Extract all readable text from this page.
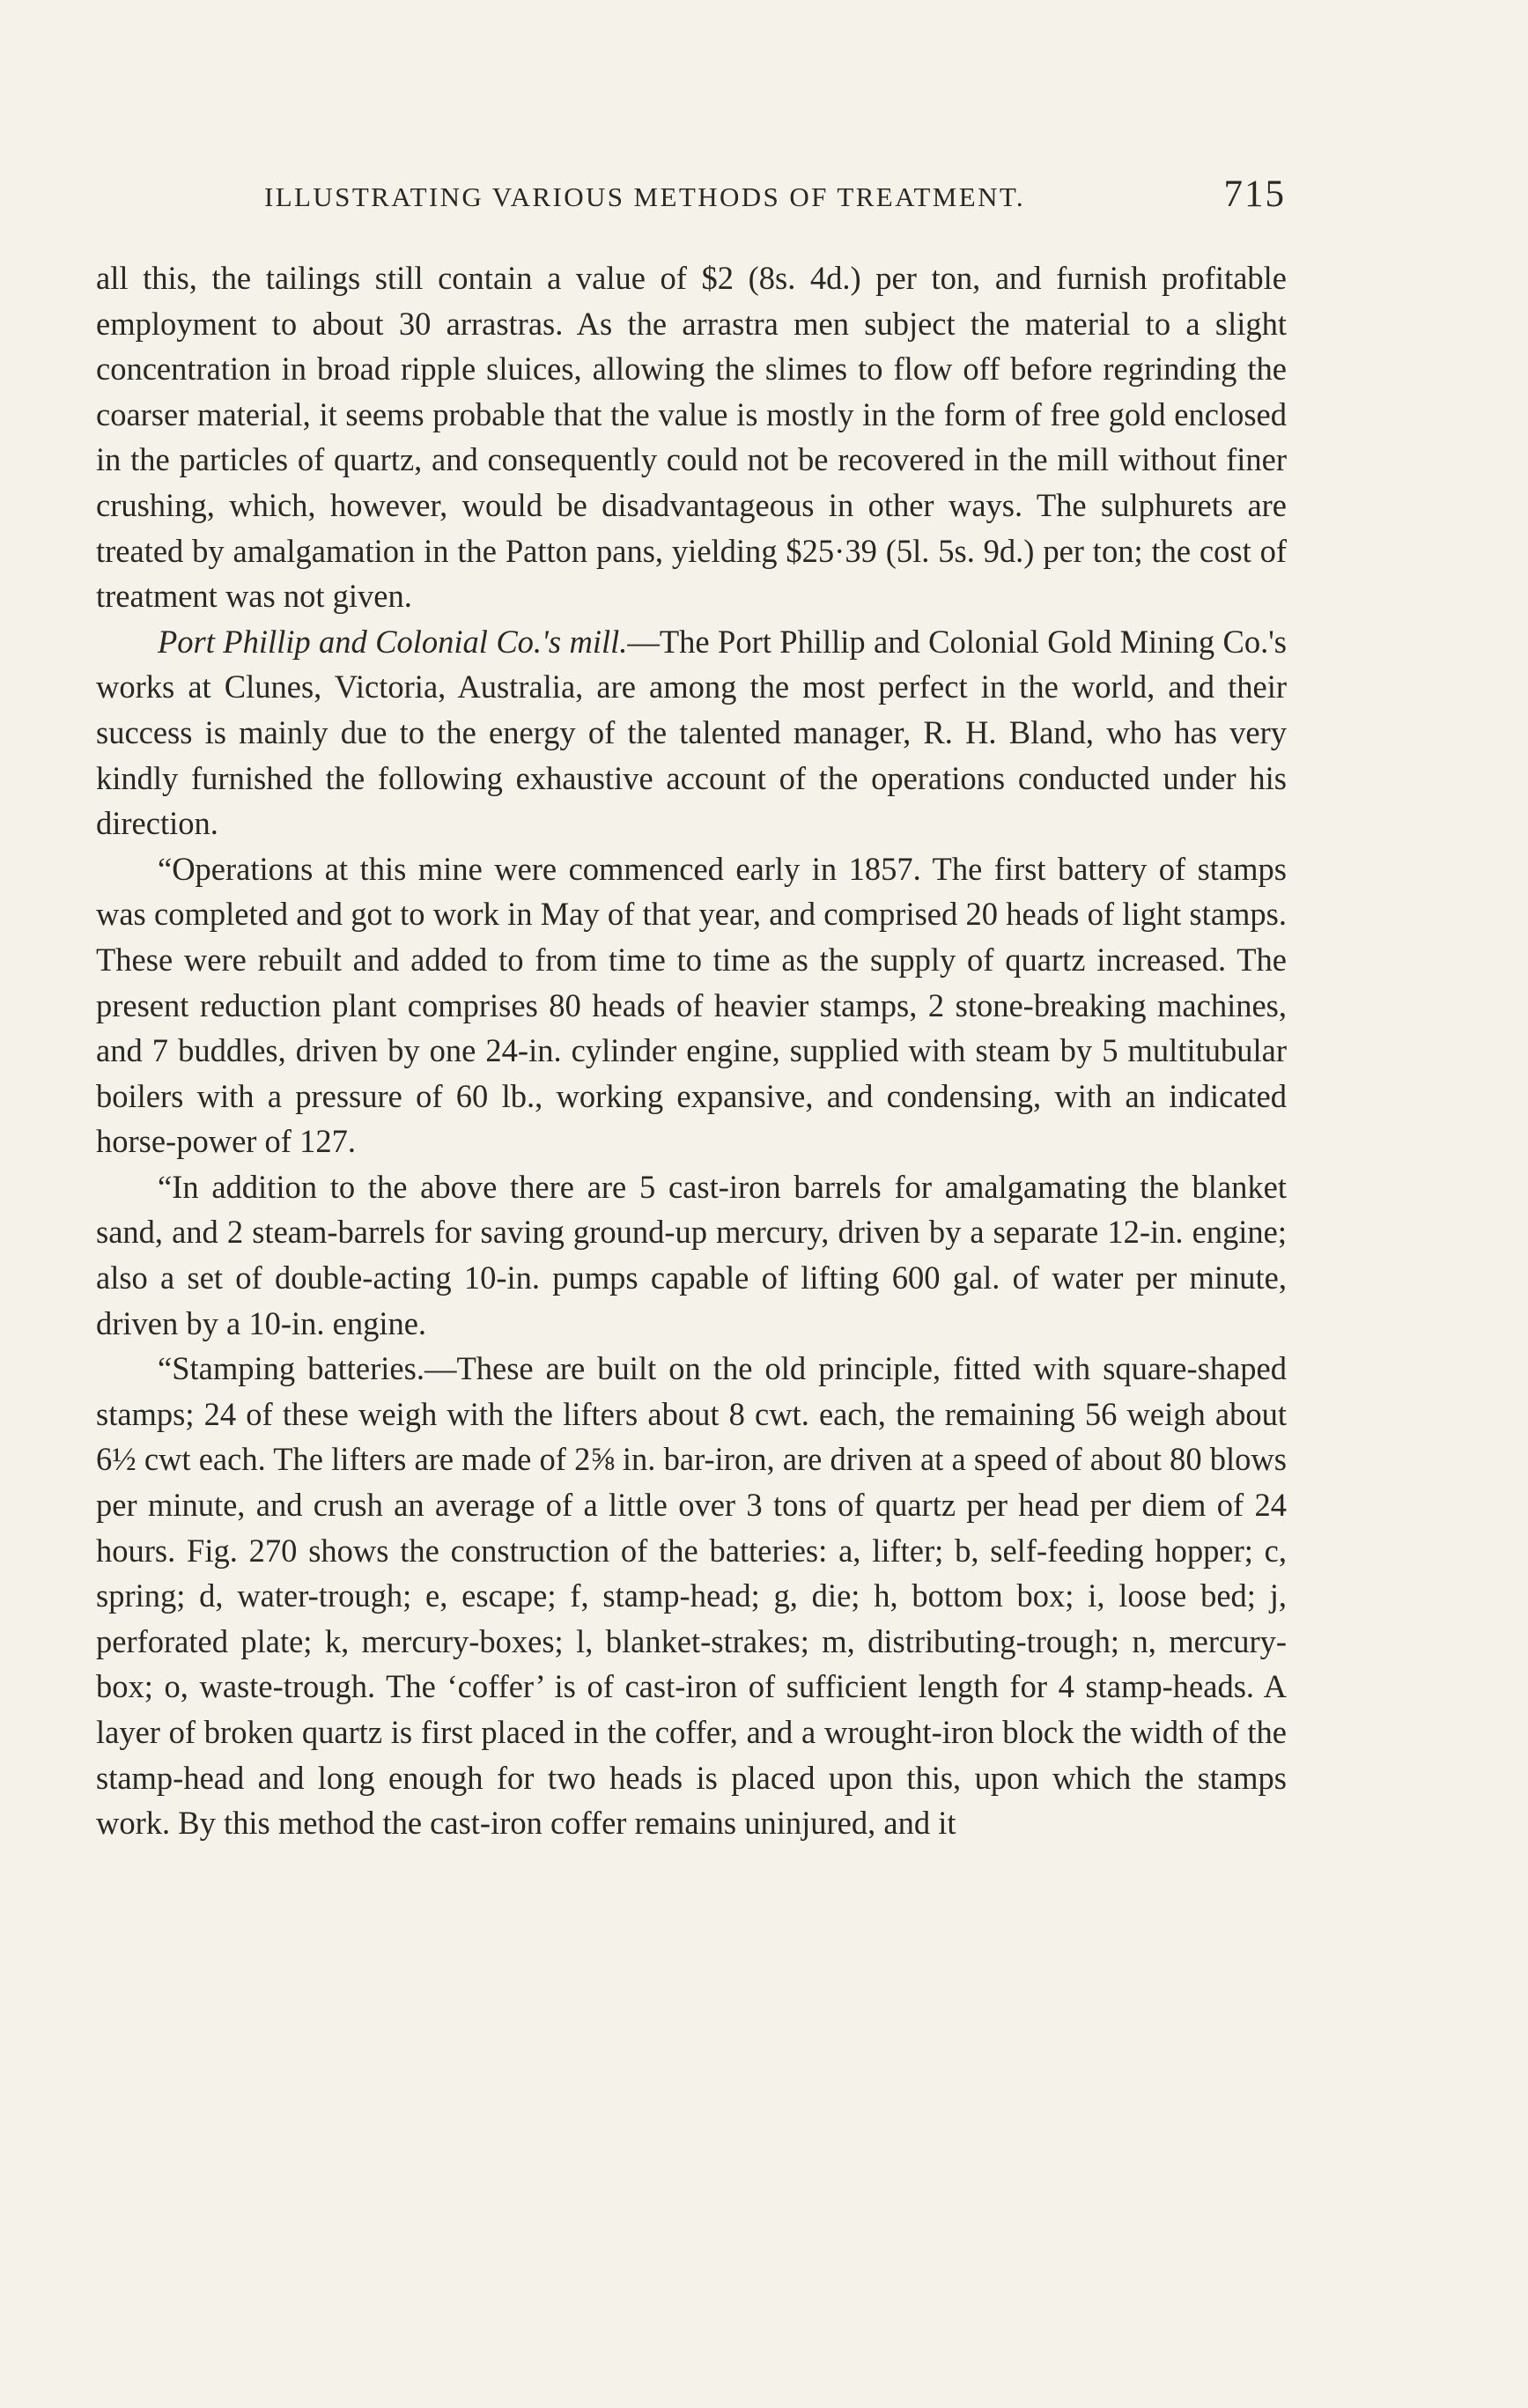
ILLUSTRATING VARIOUS METHODS OF TREATMENT.	715

all this, the tailings still contain a value of $2 (8s. 4d.) per ton, and furnish profitable employment to about 30 arrastras. As the arrastra men subject the material to a slight concentration in broad ripple sluices, allowing the slimes to flow off before regrinding the coarser material, it seems probable that the value is mostly in the form of free gold enclosed in the particles of quartz, and consequently could not be recovered in the mill without finer crushing, which, however, would be disadvantageous in other ways. The sulphurets are treated by amalgamation in the Patton pans, yielding $25·39 (5l. 5s. 9d.) per ton; the cost of treatment was not given.

Port Phillip and Colonial Co.'s mill.—The Port Phillip and Colonial Gold Mining Co.'s works at Clunes, Victoria, Australia, are among the most perfect in the world, and their success is mainly due to the energy of the talented manager, R. H. Bland, who has very kindly furnished the following exhaustive account of the operations conducted under his direction.

“Operations at this mine were commenced early in 1857. The first battery of stamps was completed and got to work in May of that year, and comprised 20 heads of light stamps. These were rebuilt and added to from time to time as the supply of quartz increased. The present reduction plant comprises 80 heads of heavier stamps, 2 stone-breaking machines, and 7 buddles, driven by one 24-in. cylinder engine, supplied with steam by 5 multitubular boilers with a pressure of 60 lb., working expansive, and condensing, with an indicated horse-power of 127.

“In addition to the above there are 5 cast-iron barrels for amalgamating the blanket sand, and 2 steam-barrels for saving ground-up mercury, driven by a separate 12-in. engine; also a set of double-acting 10-in. pumps capable of lifting 600 gal. of water per minute, driven by a 10-in. engine.

“Stamping batteries.—These are built on the old principle, fitted with square-shaped stamps; 24 of these weigh with the lifters about 8 cwt. each, the remaining 56 weigh about 6½ cwt each. The lifters are made of 2⅝ in. bar-iron, are driven at a speed of about 80 blows per minute, and crush an average of a little over 3 tons of quartz per head per diem of 24 hours. Fig. 270 shows the construction of the batteries: a, lifter; b, self-feeding hopper; c, spring; d, water-trough; e, escape; f, stamp-head; g, die; h, bottom box; i, loose bed; j, perforated plate; k, mercury-boxes; l, blanket-strakes; m, distributing-trough; n, mercury-box; o, waste-trough. The ‘coffer’ is of cast-iron of sufficient length for 4 stamp-heads. A layer of broken quartz is first placed in the coffer, and a wrought-iron block the width of the stamp-head and long enough for two heads is placed upon this, upon which the stamps work. By this method the cast-iron coffer remains uninjured, and it
